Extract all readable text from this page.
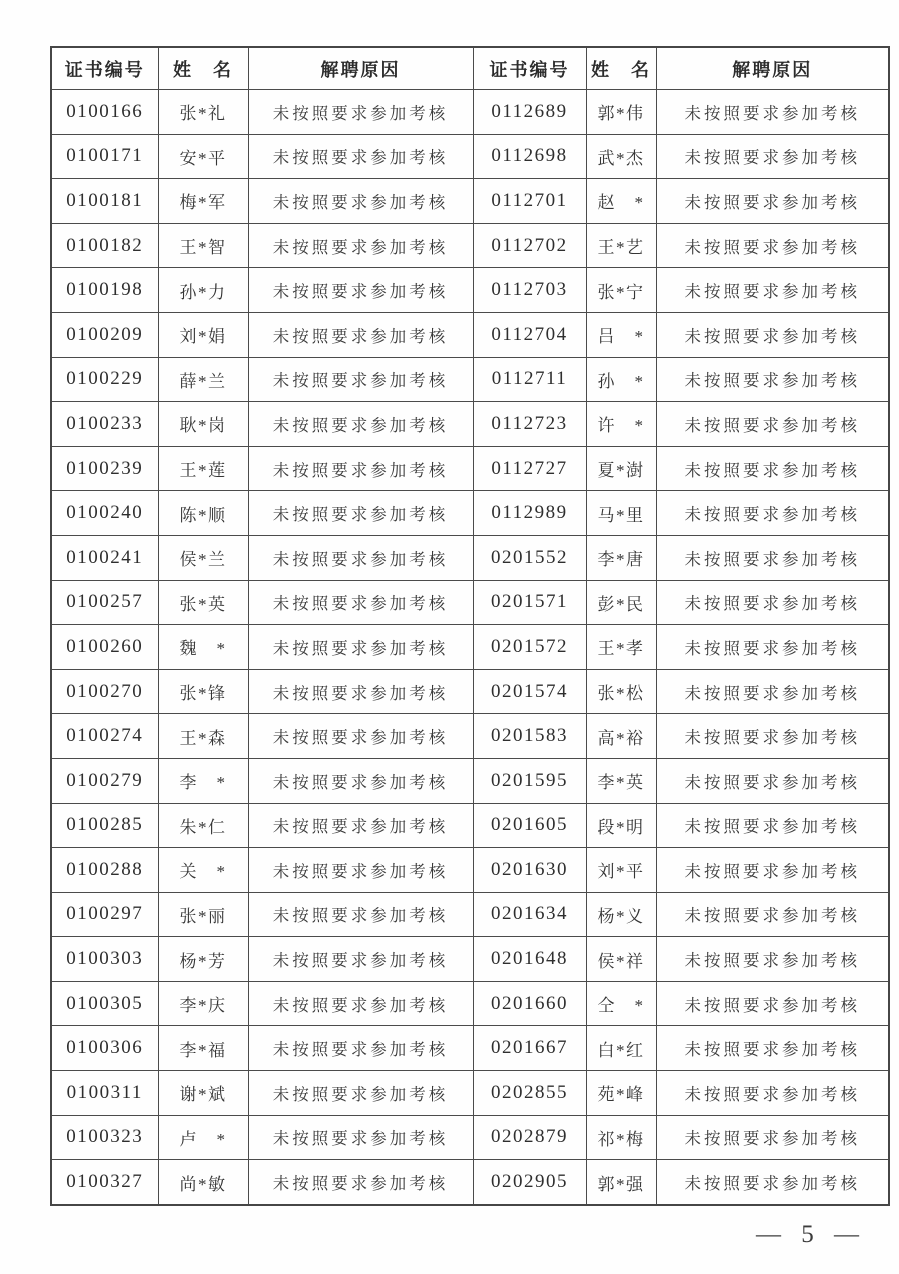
证书编号	姓　名	解聘原因	证书编号	姓　名	解聘原因
0100166	张*礼	未按照要求参加考核	0112689	郭*伟	未按照要求参加考核
0100171	安*平	未按照要求参加考核	0112698	武*杰	未按照要求参加考核
0100181	梅*军	未按照要求参加考核	0112701	赵　*	未按照要求参加考核
0100182	王*智	未按照要求参加考核	0112702	王*艺	未按照要求参加考核
0100198	孙*力	未按照要求参加考核	0112703	张*宁	未按照要求参加考核
0100209	刘*娟	未按照要求参加考核	0112704	吕　*	未按照要求参加考核
0100229	薛*兰	未按照要求参加考核	0112711	孙　*	未按照要求参加考核
0100233	耿*岗	未按照要求参加考核	0112723	许　*	未按照要求参加考核
0100239	王*莲	未按照要求参加考核	0112727	夏*澍	未按照要求参加考核
0100240	陈*顺	未按照要求参加考核	0112989	马*里	未按照要求参加考核
0100241	侯*兰	未按照要求参加考核	0201552	李*唐	未按照要求参加考核
0100257	张*英	未按照要求参加考核	0201571	彭*民	未按照要求参加考核
0100260	魏　*	未按照要求参加考核	0201572	王*孝	未按照要求参加考核
0100270	张*锋	未按照要求参加考核	0201574	张*松	未按照要求参加考核
0100274	王*森	未按照要求参加考核	0201583	高*裕	未按照要求参加考核
0100279	李　*	未按照要求参加考核	0201595	李*英	未按照要求参加考核
0100285	朱*仁	未按照要求参加考核	0201605	段*明	未按照要求参加考核
0100288	关　*	未按照要求参加考核	0201630	刘*平	未按照要求参加考核
0100297	张*丽	未按照要求参加考核	0201634	杨*义	未按照要求参加考核
0100303	杨*芳	未按照要求参加考核	0201648	侯*祥	未按照要求参加考核
0100305	李*庆	未按照要求参加考核	0201660	仝　*	未按照要求参加考核
0100306	李*福	未按照要求参加考核	0201667	白*红	未按照要求参加考核
0100311	谢*斌	未按照要求参加考核	0202855	苑*峰	未按照要求参加考核
0100323	卢　*	未按照要求参加考核	0202879	祁*梅	未按照要求参加考核
0100327	尚*敏	未按照要求参加考核	0202905	郭*强	未按照要求参加考核
— 5 —
